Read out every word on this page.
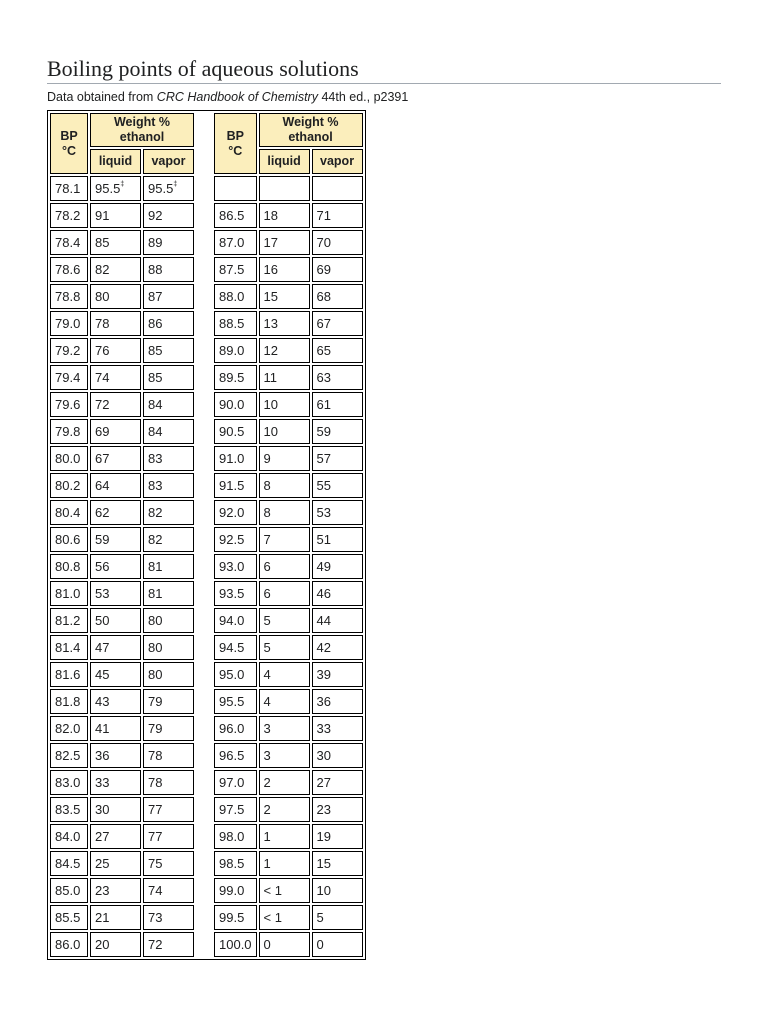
Boiling points of aqueous solutions

Data obtained from CRC Handbook of Chemistry 44th ed., p2391

BP °C	Weight % ethanol			BP °C	Weight % ethanol	
	liquid	vapor			liquid	vapor
78.1	95.5‡	95.5‡				
78.2	91	92		86.5	18	71
78.4	85	89		87.0	17	70
78.6	82	88		87.5	16	69
78.8	80	87		88.0	15	68
79.0	78	86		88.5	13	67
79.2	76	85		89.0	12	65
79.4	74	85		89.5	11	63
79.6	72	84		90.0	10	61
79.8	69	84		90.5	10	59
80.0	67	83		91.0	9	57
80.2	64	83		91.5	8	55
80.4	62	82		92.0	8	53
80.6	59	82		92.5	7	51
80.8	56	81		93.0	6	49
81.0	53	81		93.5	6	46
81.2	50	80		94.0	5	44
81.4	47	80		94.5	5	42
81.6	45	80		95.0	4	39
81.8	43	79		95.5	4	36
82.0	41	79		96.0	3	33
82.5	36	78		96.5	3	30
83.0	33	78		97.0	2	27
83.5	30	77		97.5	2	23
84.0	27	77		98.0	1	19
84.5	25	75		98.5	1	15
85.0	23	74		99.0	< 1	10
85.5	21	73		99.5	< 1	5
86.0	20	72		100.0	0	0
